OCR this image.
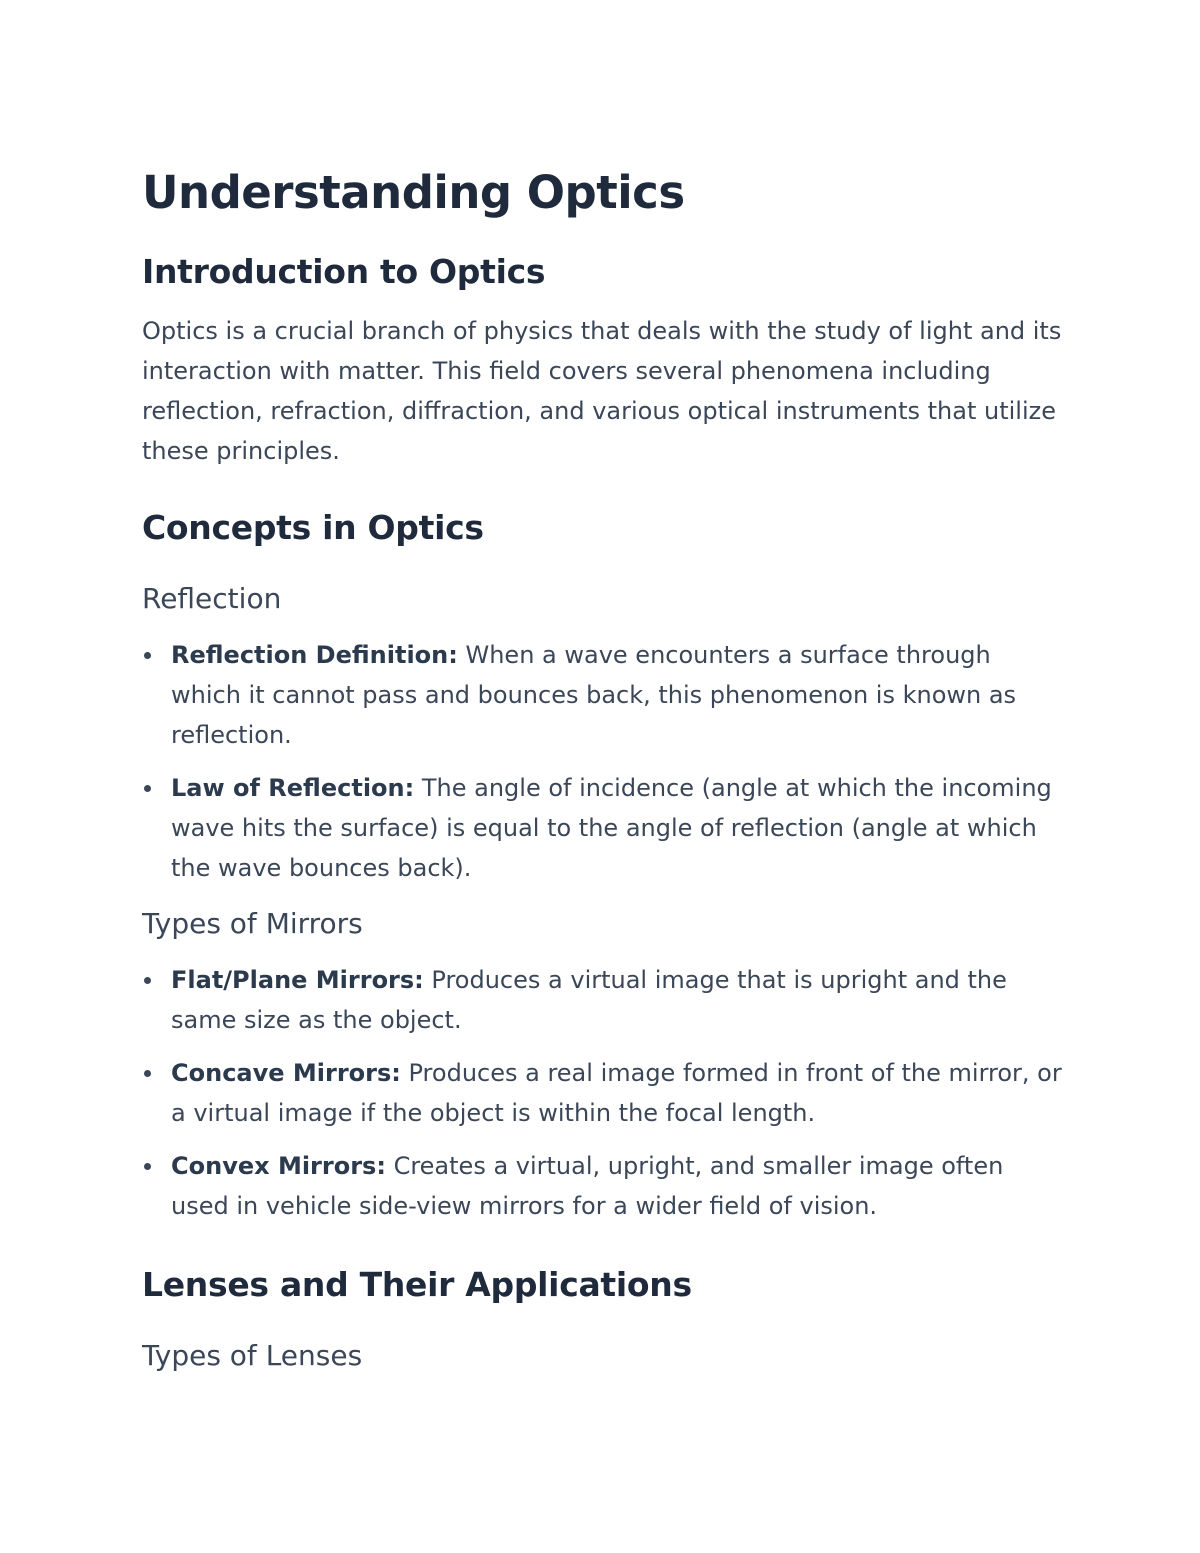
Understanding Optics
Introduction to Optics

Optics is a crucial branch of physics that deals with the study of light and its interaction with matter. This field covers several phenomena including reflection, refraction, diffraction, and various optical instruments that utilize these principles.

Concepts in Optics
Reflection
Reflection Definition: When a wave encounters a surface through which it cannot pass and bounces back, this phenomenon is known as reflection.
Law of Reflection: The angle of incidence (angle at which the incoming wave hits the surface) is equal to the angle of reflection (angle at which the wave bounces back).
Types of Mirrors
Flat/Plane Mirrors: Produces a virtual image that is upright and the same size as the object.
Concave Mirrors: Produces a real image formed in front of the mirror, or a virtual image if the object is within the focal length.
Convex Mirrors: Creates a virtual, upright, and smaller image often used in vehicle side-view mirrors for a wider field of vision.
Lenses and Their Applications
Types of Lenses
